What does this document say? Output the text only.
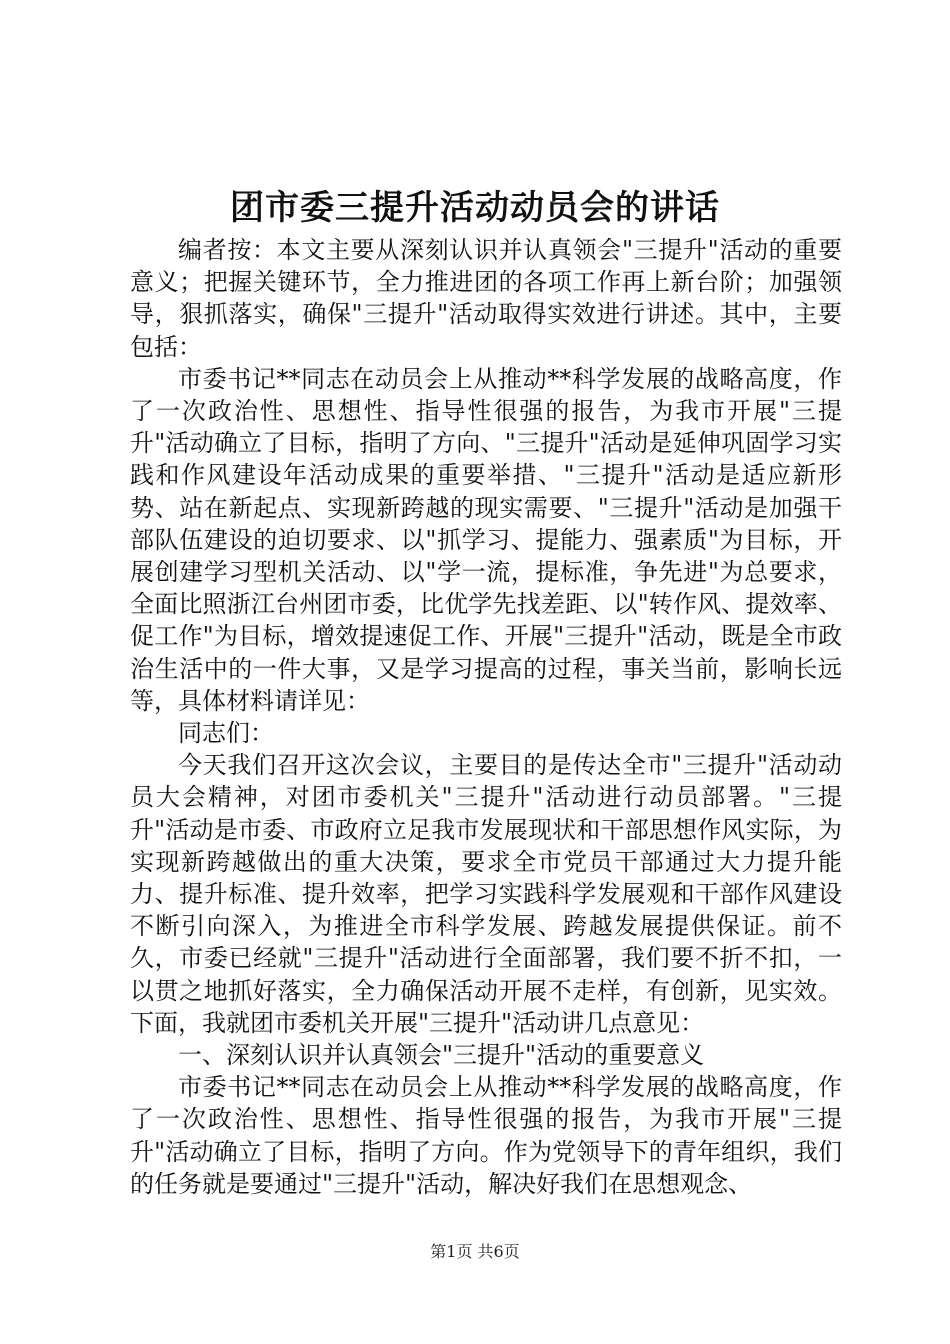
团市委三提升活动动员会的讲话

编者按：本文主要从深刻认识并认真领会"三提升"活动的重要意义；把握关键环节，全力推进团的各项工作再上新台阶；加强领导，狠抓落实，确保"三提升"活动取得实效进行讲述。其中，主要包括：

市委书记**同志在动员会上从推动**科学发展的战略高度，作了一次政治性、思想性、指导性很强的报告，为我市开展"三提升"活动确立了目标，指明了方向、"三提升"活动是延伸巩固学习实践和作风建设年活动成果的重要举措、"三提升"活动是适应新形势、站在新起点、实现新跨越的现实需要、"三提升"活动是加强干部队伍建设的迫切要求、以"抓学习、提能力、强素质"为目标，开展创建学习型机关活动、以"学一流，提标准，争先进"为总要求，全面比照浙江台州团市委，比优学先找差距、以"转作风、提效率、促工作"为目标，增效提速促工作、开展"三提升"活动，既是全市政治生活中的一件大事，又是学习提高的过程，事关当前，影响长远等，具体材料请详见：

同志们：

今天我们召开这次会议，主要目的是传达全市"三提升"活动动员大会精神，对团市委机关"三提升"活动进行动员部署。"三提升"活动是市委、市政府立足我市发展现状和干部思想作风实际，为实现新跨越做出的重大决策，要求全市党员干部通过大力提升能力、提升标准、提升效率，把学习实践科学发展观和干部作风建设不断引向深入，为推进全市科学发展、跨越发展提供保证。前不久，市委已经就"三提升"活动进行全面部署，我们要不折不扣，一以贯之地抓好落实，全力确保活动开展不走样，有创新，见实效。下面，我就团市委机关开展"三提升"活动讲几点意见：

一、深刻认识并认真领会"三提升"活动的重要意义

市委书记**同志在动员会上从推动**科学发展的战略高度，作了一次政治性、思想性、指导性很强的报告，为我市开展"三提升"活动确立了目标，指明了方向。作为党领导下的青年组织，我们的任务就是要通过"三提升"活动，解决好我们在思想观念、

第1页 共6页
